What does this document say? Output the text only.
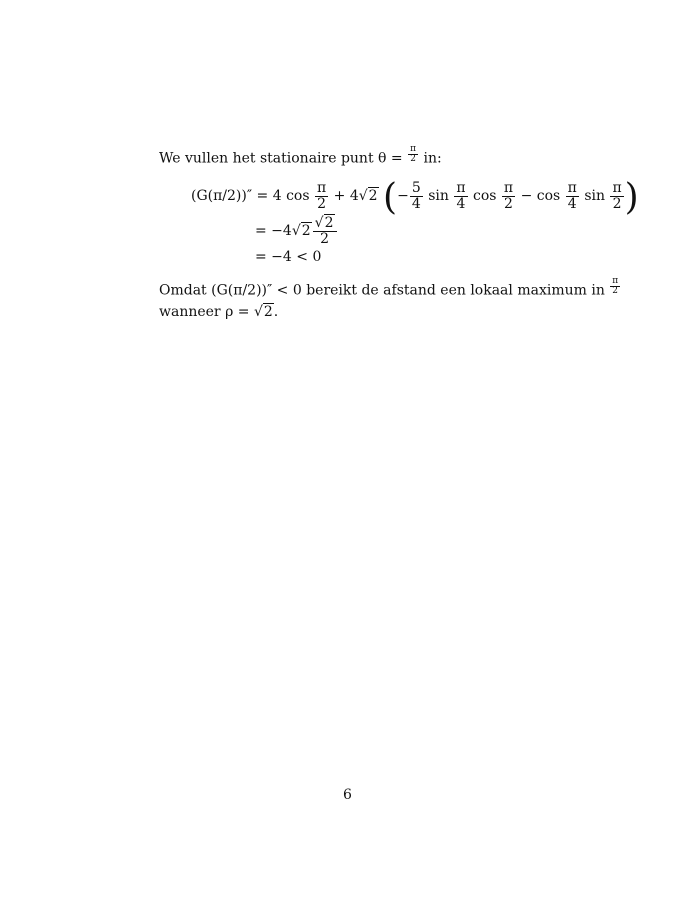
We vullen het stationaire punt $\theta = \frac{\pi}{2}$ in:
(G(π/2))″ = 4 $\cos \frac{\pi}{2} + 4√2$ (− $\frac{5}{4}$ $\sin \frac{\pi}{4}$ $\cos \frac{\pi}{2} - \cos \frac{\pi}{4}$ $\sin \frac{\pi}{2}$ )
= $-4√2 \frac{√2}{2}$
= −4 < 0
Omdat (G(π/2))″ < 0 bereikt de afstand een lokaal maximum in $\frac{\pi}{2}$
wanneer ρ = √2.
6
